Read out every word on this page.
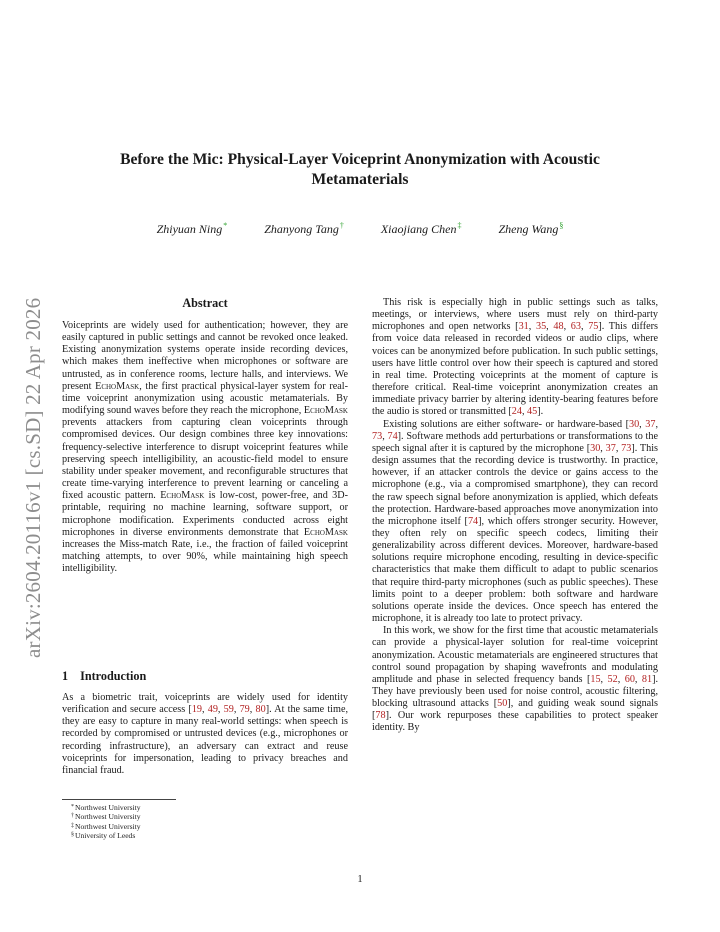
arXiv:2604.20116v1 [cs.SD] 22 Apr 2026
Before the Mic: Physical-Layer Voiceprint Anonymization with Acoustic Metamaterials
Zhiyuan Ning*	Zhanyong Tang†	Xiaojiang Chen‡	Zheng Wang§
Abstract
Voiceprints are widely used for authentication; however, they are easily captured in public settings and cannot be revoked once leaked. Existing anonymization systems operate inside recording devices, which makes them ineffective when microphones or software are untrusted, as in conference rooms, lecture halls, and interviews. We present EchoMask, the first practical physical-layer system for real-time voiceprint anonymization using acoustic metamaterials. By modifying sound waves before they reach the microphone, EchoMask prevents attackers from capturing clean voiceprints through compromised devices. Our design combines three key innovations: frequency-selective interference to disrupt voiceprint features while preserving speech intelligibility, an acoustic-field model to ensure stability under speaker movement, and reconfigurable structures that create time-varying interference to prevent learning or canceling a fixed acoustic pattern. EchoMask is low-cost, power-free, and 3D-printable, requiring no machine learning, software support, or microphone modification. Experiments conducted across eight microphones in diverse environments demonstrate that EchoMask increases the Miss-match Rate, i.e., the fraction of failed voiceprint matching attempts, to over 90%, while maintaining high speech intelligibility.
1 Introduction

As a biometric trait, voiceprints are widely used for identity verification and secure access [19, 49, 59, 79, 80]. At the same time, they are easy to capture in many real-world settings: when speech is recorded by compromised or untrusted devices (e.g., microphones or recording infrastructure), an adversary can extract and reuse voiceprints for impersonation, leading to privacy breaches and financial fraud.

This risk is especially high in public settings such as talks, meetings, or interviews, where users must rely on third-party microphones and open networks [31, 35, 48, 63, 75]. This differs from voice data released in recorded videos or audio clips, where voices can be anonymized before publication. In such public settings, users have little control over how their speech is captured and stored in real time. Protecting voiceprints at the moment of capture is therefore critical. Real-time voiceprint anonymization creates an immediate privacy barrier by altering identity-bearing features before the audio is stored or transmitted [24, 45].

Existing solutions are either software- or hardware-based [30, 37, 73, 74]. Software methods add perturbations or transformations to the speech signal after it is captured by the microphone [30, 37, 73]. This design assumes that the recording device is trustworthy. In practice, however, if an attacker controls the device or gains access to the microphone (e.g., via a compromised smartphone), they can record the raw speech signal before anonymization is applied, which defeats the protection. Hardware-based approaches move anonymization into the microphone itself [74], which offers stronger security. However, they often rely on specific speech codecs, limiting their generalizability across different devices. Moreover, hardware-based solutions require microphone encoding, resulting in device-specific characteristics that make them difficult to adapt to public scenarios that require third-party microphones (such as public speeches). These limits point to a deeper problem: both software and hardware solutions operate inside the devices. Once speech has entered the microphone, it is already too late to protect privacy.

In this work, we show for the first time that acoustic metamaterials can provide a physical-layer solution for real-time voiceprint anonymization. Acoustic metamaterials are engineered structures that control sound propagation by shaping wavefronts and modulating amplitude and phase in selected frequency bands [15, 52, 60, 81]. They have previously been used for noise control, acoustic filtering, blocking ultrasound attacks [50], and guiding weak sound signals [78]. Our work repurposes these capabilities to protect speaker identity. By

*Northwest University
†Northwest University
‡Northwest University
§University of Leeds
1
